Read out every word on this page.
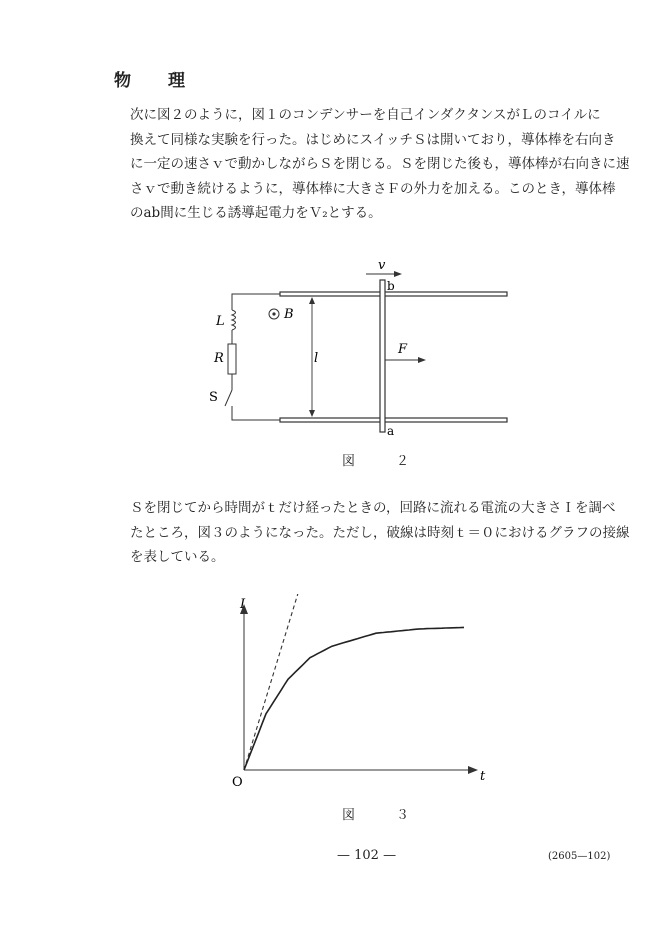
物　理
次に図２のように，図１のコンデンサーを自己インダクタンスがＬのコイルに
換えて同様な実験を行った。はじめにスイッチＳは開いており，導体棒を右向き
に一定の速さｖで動かしながらＳを閉じる。Ｓを閉じた後も，導体棒が右向きに速
さｖで動き続けるように，導体棒に大きさＦの外力を加える。このとき，導体棒
のab間に生じる誘導起電力をＶ₂とする。
v
b
a
F
l
B
L
R
S
図　２
Ｓを閉じてから時間がｔだけ経ったときの，回路に流れる電流の大きさＩを調べ
たところ，図３のようになった。ただし，破線は時刻ｔ＝０におけるグラフの接線
を表している。
I
t
O
図　３
— 102 —	(2605—102)
